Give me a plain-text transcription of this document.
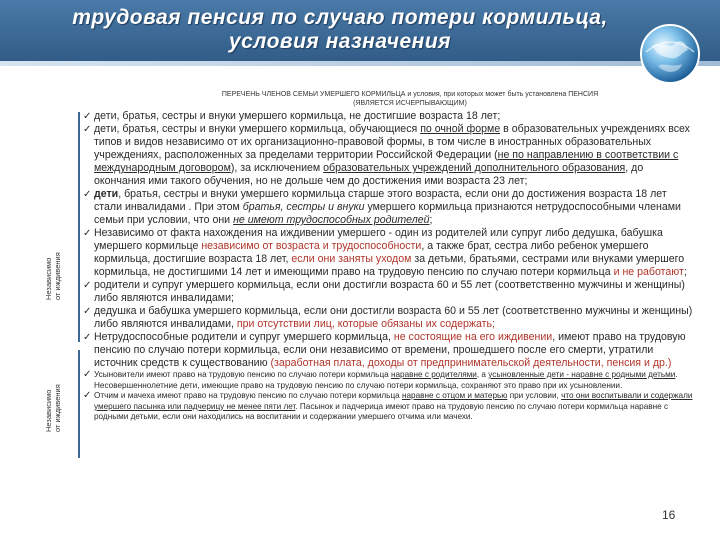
трудовая пенсия по случаю потери кормильца,
условия назначения
ПЕРЕЧЕНЬ ЧЛЕНОВ СЕМЬИ УМЕРШЕГО КОРМИЛЬЦА и условия, при которых может быть установлена ПЕНСИЯ
(ЯВЛЯЕТСЯ ИСЧЕРПЫВАЮЩИМ)
Независимо от иждивения
Независимо от иждивения
✓ дети, братья, сестры и внуки умершего кормильца, не достигшие возраста 18 лет;
✓ дети, братья, сестры и внуки умершего кормильца, обучающиеся по очной форме в образовательных учреждениях всех типов и видов независимо от их организационно-правовой формы, в том числе в иностранных образовательных учреждениях, расположенных за пределами территории Российской Федерации (не по направлению в соответствии с международным договором), за исключением образовательных учреждений дополнительного образования, до окончания ими такого обучения, но не дольше чем до достижения ими возраста 23 лет;
✓ дети, братья, сестры и внуки умершего кормильца старше этого возраста, если они до достижения возраста 18 лет стали инвалидами . При этом братья, сестры и внуки умершего кормильца признаются нетрудоспособными членами семьи при условии, что они не имеют трудоспособных родителей;
✓ Независимо от факта нахождения на иждивении умершего - один из родителей или супруг либо дедушка, бабушка умершего кормильце независимо от возраста и трудоспособности, а также брат, сестра либо ребенок умершего кормильца, достигшие возраста 18 лет, если они заняты уходом за детьми, братьями, сестрами или внуками умершего кормильца, не достигшими 14 лет и имеющими право на трудовую пенсию по случаю потери кормильца и не работают;
✓ родители и супруг умершего кормильца, если они достигли возраста 60 и 55 лет (соответственно мужчины и женщины) либо являются инвалидами;
✓ дедушка и бабушка умершего кормильца, если они достигли возраста 60 и 55 лет (соответственно мужчины и женщины) либо являются инвалидами, при отсутствии лиц, которые обязаны их содержать;
✓ Нетрудоспособные родители и супруг умершего кормильца, не состоящие на его иждивении, имеют право на трудовую пенсию по случаю потери кормильца, если они независимо от времени, прошедшего после его смерти, утратили источник средств к существованию (заработная плата, доходы от предпринимательской деятельности, пенсия и др.)
✓ Усыновители имеют право на трудовую пенсию по случаю потери кормильца наравне с родителями, а усыновленные дети - наравне с родными детьми. Несовершеннолетние дети, имеющие право на трудовую пенсию по случаю потери кормильца, сохраняют это право при их усыновлении.
✓ Отчим и мачеха имеют право на трудовую пенсию по случаю потери кормильца наравне с отцом и матерью при условии, что они воспитывали и содержали умершего пасынка или падчерицу не менее пяти лет. Пасынок и падчерица имеют право на трудовую пенсию по случаю потери кормильца наравне с родными детьми, если они находились на воспитании и содержании умершего отчима или мачехи.
16
